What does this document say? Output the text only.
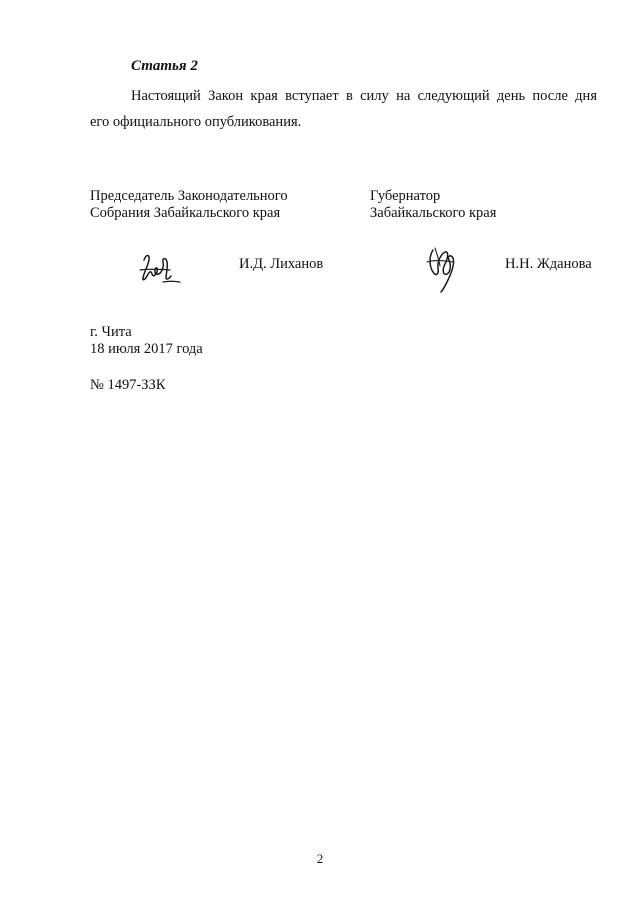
Статья 2
Настоящий Закон края вступает в силу на следующий день после дня
его официального опубликования.
Председатель Законодательного
Собрания Забайкальского края
Губернатор
Забайкальского края
И.Д. Лиханов	Н.Н. Жданова
г. Чита
18 июля 2017 года
№ 1497-ЗЗК
2
